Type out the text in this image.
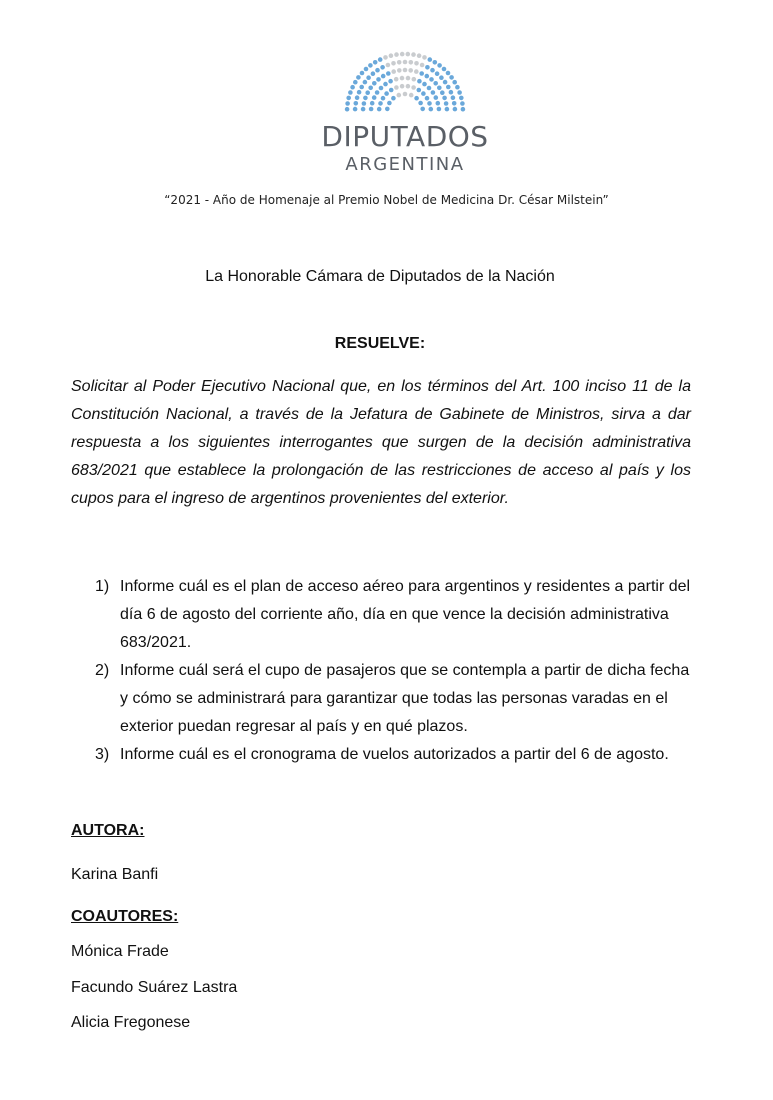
DIPUTADOS
ARGENTINA
“2021 - Año de Homenaje al Premio Nobel de Medicina Dr. César Milstein”
La Honorable Cámara de Diputados de la Nación
RESUELVE:

Solicitar al Poder Ejecutivo Nacional que, en los términos del Art. 100 inciso 11 de la Constitución Nacional, a través de la Jefatura de Gabinete de Ministros, sirva a dar respuesta a los siguientes interrogantes que surgen de la decisión administrativa 683/2021 que establece la prolongación de las restricciones de acceso al país y los cupos para el ingreso de argentinos provenientes del exterior.

1) Informe cuál es el plan de acceso aéreo para argentinos y residentes a partir del día 6 de agosto del corriente año, día en que vence la decisión administrativa 683/2021.
2) Informe cuál será el cupo de pasajeros que se contempla a partir de dicha fecha y cómo se administrará para garantizar que todas las personas varadas en el exterior puedan regresar al país y en qué plazos.
3) Informe cuál es el cronograma de vuelos autorizados a partir del 6 de agosto.
AUTORA:
Karina Banfi
COAUTORES:
Mónica Frade
Facundo Suárez Lastra
Alicia Fregonese
